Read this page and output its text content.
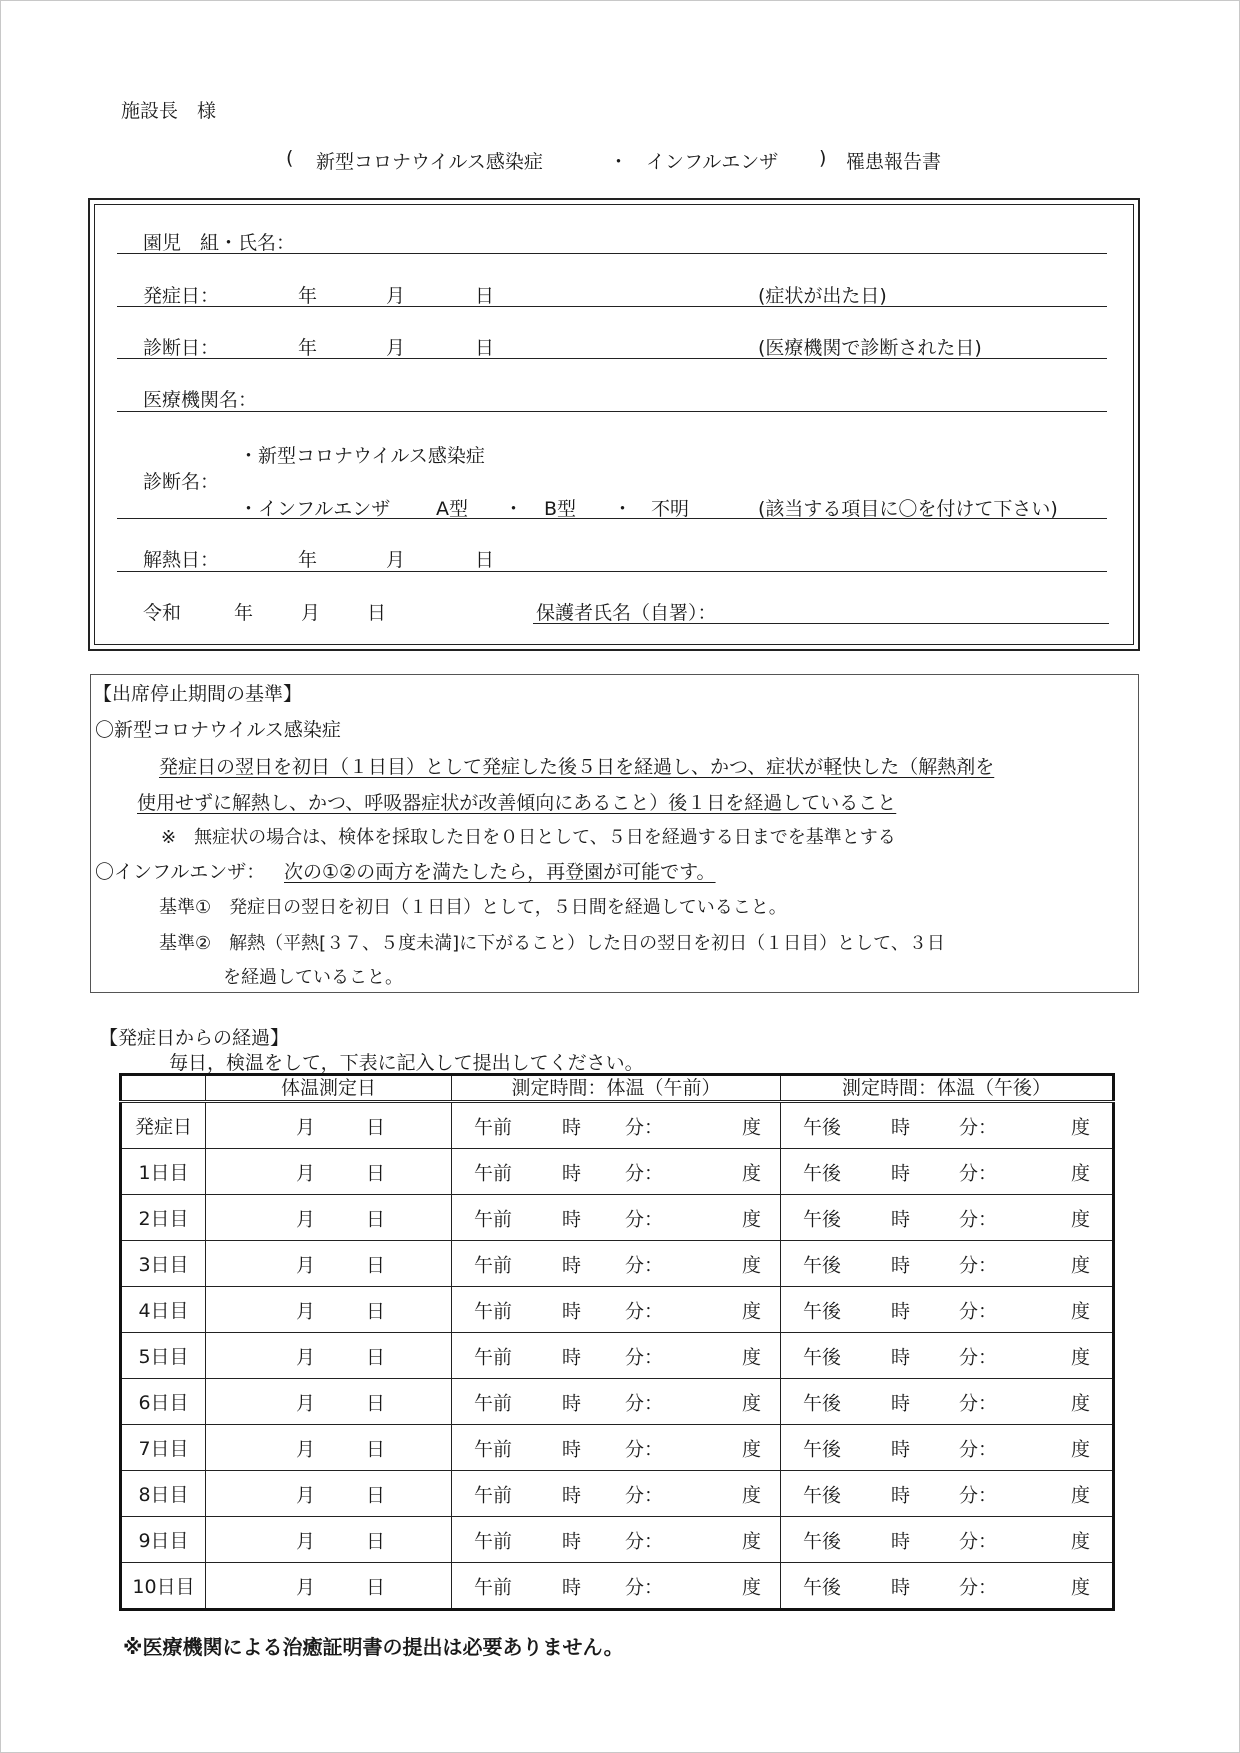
施設長　様
( 新型コロナウイルス感染症	・ インフルエンザ ) 罹患報告書
園児　組・氏名：
発症日：	年	月	日	(症状が出た日)
診断日：	年	月	日	(医療機関で診断された日)
医療機関名：
・新型コロナウイルス感染症
診断名：
・インフルエンザ A型 ・ B型 ・ 不明	(該当する項目に〇を付けて下さい)
解熱日：	年	月	日
令和	年	月 日	保護者氏名（自署）：
【出席停止期間の基準】
〇新型コロナウイルス感染症
発症日の翌日を初日（１日目）として発症した後５日を経過し、かつ、症状が軽快した（解熱剤を
使用せずに解熱し、かつ、呼吸器症状が改善傾向にあること）後１日を経過していること
※　無症状の場合は、検体を採取した日を０日として、５日を経過する日までを基準とする
〇インフルエンザ： 次の①②の両方を満たしたら，再登園が可能です。
基準①　発症日の翌日を初日（１日目）として，５日間を経過していること。
基準②　解熱（平熱[３７、５度未満]に下がること）した日の翌日を初日（１日目）として、３日
を経過していること。
【発症日からの経過】
毎日，検温をして，下表に記入して提出してください。
	体温測定日	測定時間：体温（午前）	測定時間：体温（午後）
発症日	月 日	午前 時 分： 度	午後 時 分： 度

1日目	月 日	午前 時 分： 度	午後 時 分： 度

2日目	月 日	午前 時 分： 度	午後 時 分： 度

3日目	月 日	午前 時 分： 度	午後 時 分： 度

4日目	月 日	午前 時 分： 度	午後 時 分： 度

5日目	月 日	午前 時 分： 度	午後 時 分： 度

6日目	月 日	午前 時 分： 度	午後 時 分： 度

7日目	月 日	午前 時 分： 度	午後 時 分： 度

8日目	月 日	午前 時 分： 度	午後 時 分： 度

9日目	月 日	午前 時 分： 度	午後 時 分： 度

10日目	月 日	午前 時 分： 度	午後 時 分： 度
※医療機関による治癒証明書の提出は必要ありません。
